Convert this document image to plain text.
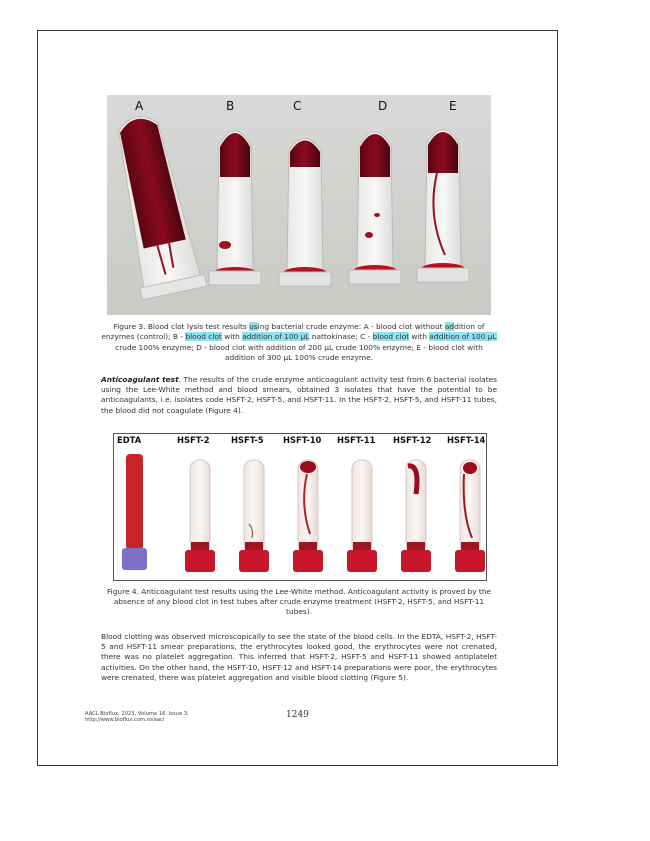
A	B	C	D	E
Figure 3. Blood clot lysis test results using bacterial crude enzyme: A - blood clot without addition of enzymes (control); B - blood clot with addition of 100 µL nattokinase; C - blood clot with addition of 100 µL crude 100% enzyme; D - blood clot with addition of 200 µL crude 100% enzyme; E - blood clot with addition of 300 µL 100% crude enzyme.
Anticoagulant test. The results of the crude enzyme anticoagulant activity test from 6 bacterial isolates using the Lee-White method and blood smears, obtained 3 isolates that have the potential to be anticoagulants, i.e. isolates code HSFT-2, HSFT-5, and HSFT-11. In the HSFT-2, HSFT-5, and HSFT-11 tubes, the blood did not coagulate (Figure 4).
EDTA	HSFT-2	HSFT-5 HSFT-10 HSFT-11 HSFT-12 HSFT-14
Figure 4. Anticoagulant test results using the Lee-White method. Anticoagulant activity is proved by the absence of any blood clot in test tubes after crude enzyme treatment (HSFT-2, HSFT-5, and HSFT-11 tubes).
Blood clotting was observed microscopically to see the state of the blood cells. In the EDTA, HSFT-2, HSFT-5 and HSFT-11 smear preparations, the erythrocytes looked good, the erythrocytes were not crenated, there was no platelet aggregation. This inferred that HSFT-2, HSFT-5 and HSFT-11 showed antiplatelet activities. On the other hand, the HSFT-10, HSFT-12 and HSFT-14 preparations were poor, the erythrocytes were crenated, there was platelet aggregation and visible blood clotting (Figure 5).
AACL Bioflux, 2023, Volume 16, Issue 3.
http://www.bioflux.com.ro/aacl
1249
